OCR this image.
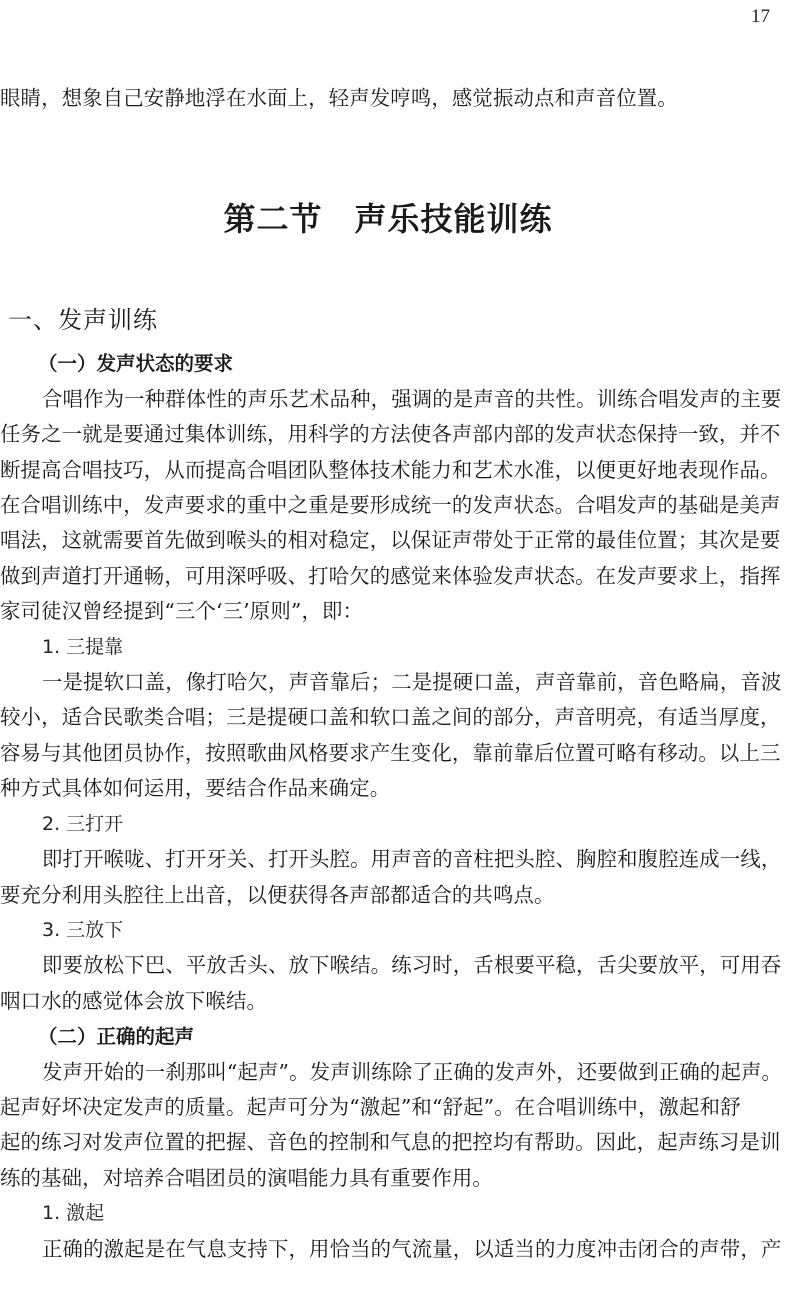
17

眼睛，想象自己安静地浮在水面上，轻声发哼鸣，感觉振动点和声音位置。

第二节 声乐技能训练
一、发声训练
（一）发声状态的要求

合唱作为一种群体性的声乐艺术品种，强调的是声音的共性。训练合唱发声的主要
任务之一就是要通过集体训练，用科学的方法使各声部内部的发声状态保持一致，并不
断提高合唱技巧，从而提高合唱团队整体技术能力和艺术水准，以便更好地表现作品。
在合唱训练中，发声要求的重中之重是要形成统一的发声状态。合唱发声的基础是美声
唱法，这就需要首先做到喉头的相对稳定，以保证声带处于正常的最佳位置；其次是要
做到声道打开通畅，可用深呼吸、打哈欠的感觉来体验发声状态。在发声要求上，指挥
家司徒汉曾经提到“三个‘三’原则”，即：

1. 三提靠

一是提软口盖，像打哈欠，声音靠后；二是提硬口盖，声音靠前，音色略扁，音波
较小，适合民歌类合唱；三是提硬口盖和软口盖之间的部分，声音明亮，有适当厚度，
容易与其他团员协作，按照歌曲风格要求产生变化，靠前靠后位置可略有移动。以上三
种方式具体如何运用，要结合作品来确定。

2. 三打开

即打开喉咙、打开牙关、打开头腔。用声音的音柱把头腔、胸腔和腹腔连成一线，
要充分利用头腔往上出音，以便获得各声部都适合的共鸣点。

3. 三放下

即要放松下巴、平放舌头、放下喉结。练习时，舌根要平稳，舌尖要放平，可用吞
咽口水的感觉体会放下喉结。

（二）正确的起声

发声开始的一刹那叫“起声”。发声训练除了正确的发声外，还要做到正确的起声。
起声好坏决定发声的质量。起声可分为“激起”和“舒起”。在合唱训练中，激起和舒
起的练习对发声位置的把握、音色的控制和气息的把控均有帮助。因此，起声练习是训
练的基础，对培养合唱团员的演唱能力具有重要作用。

1. 激起

正确的激起是在气息支持下，用恰当的气流量，以适当的力度冲击闭合的声带，产
